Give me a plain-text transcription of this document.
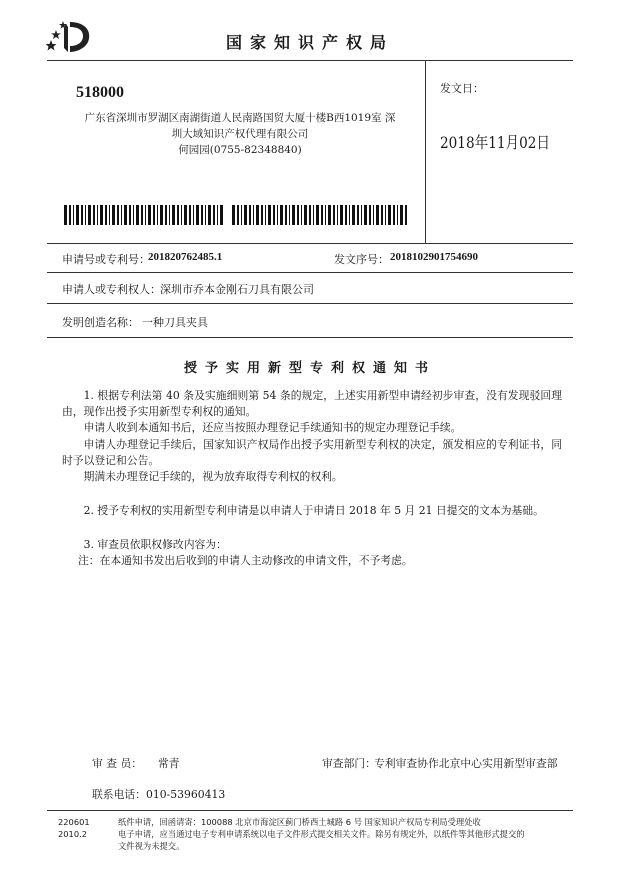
国家知识产权局
518000
广东省深圳市罗湖区南湖街道人民南路国贸大厦十楼B西1019室 深
圳大域知识产权代理有限公司
何园园(0755-82348840)
发文日：
2018年11月02日
申请号或专利号：
201820762485.1	发文序号： 2018102901754690
申请人或专利权人： 深圳市乔本金刚石刀具有限公司
发明创造名称： 一种刀具夹具
授予实用新型专利权通知书
1. 根据专利法第 40 条及实施细则第 54 条的规定，上述实用新型申请经初步审查，没有发现驳回理由，现作出授予实用新型专利权的通知。
申请人收到本通知书后，还应当按照办理登记手续通知书的规定办理登记手续。
申请人办理登记手续后，国家知识产权局作出授予实用新型专利权的决定，颁发相应的专利证书，同时予以登记和公告。
期满未办理登记手续的，视为放弃取得专利权的权利。
2. 授予专利权的实用新型专利申请是以申请人于申请日 2018 年 5 月 21 日提交的文本为基础。
3. 审查员依职权修改内容为：
注：在本通知书发出后收到的申请人主动修改的申请文件，不予考虑。
审 查 员： 常青	审查部门：
专利审查协作北京中心实用新型审查部
联系电话：010-53960413
220601
2010.2
纸件申请，回函请寄：100088 北京市海淀区蓟门桥西土城路 6 号 国家知识产权局专利局受理处收
电子申请，应当通过电子专利申请系统以电子文件形式提交相关文件。除另有规定外，以纸件等其他形式提交的
文件视为未提交。
